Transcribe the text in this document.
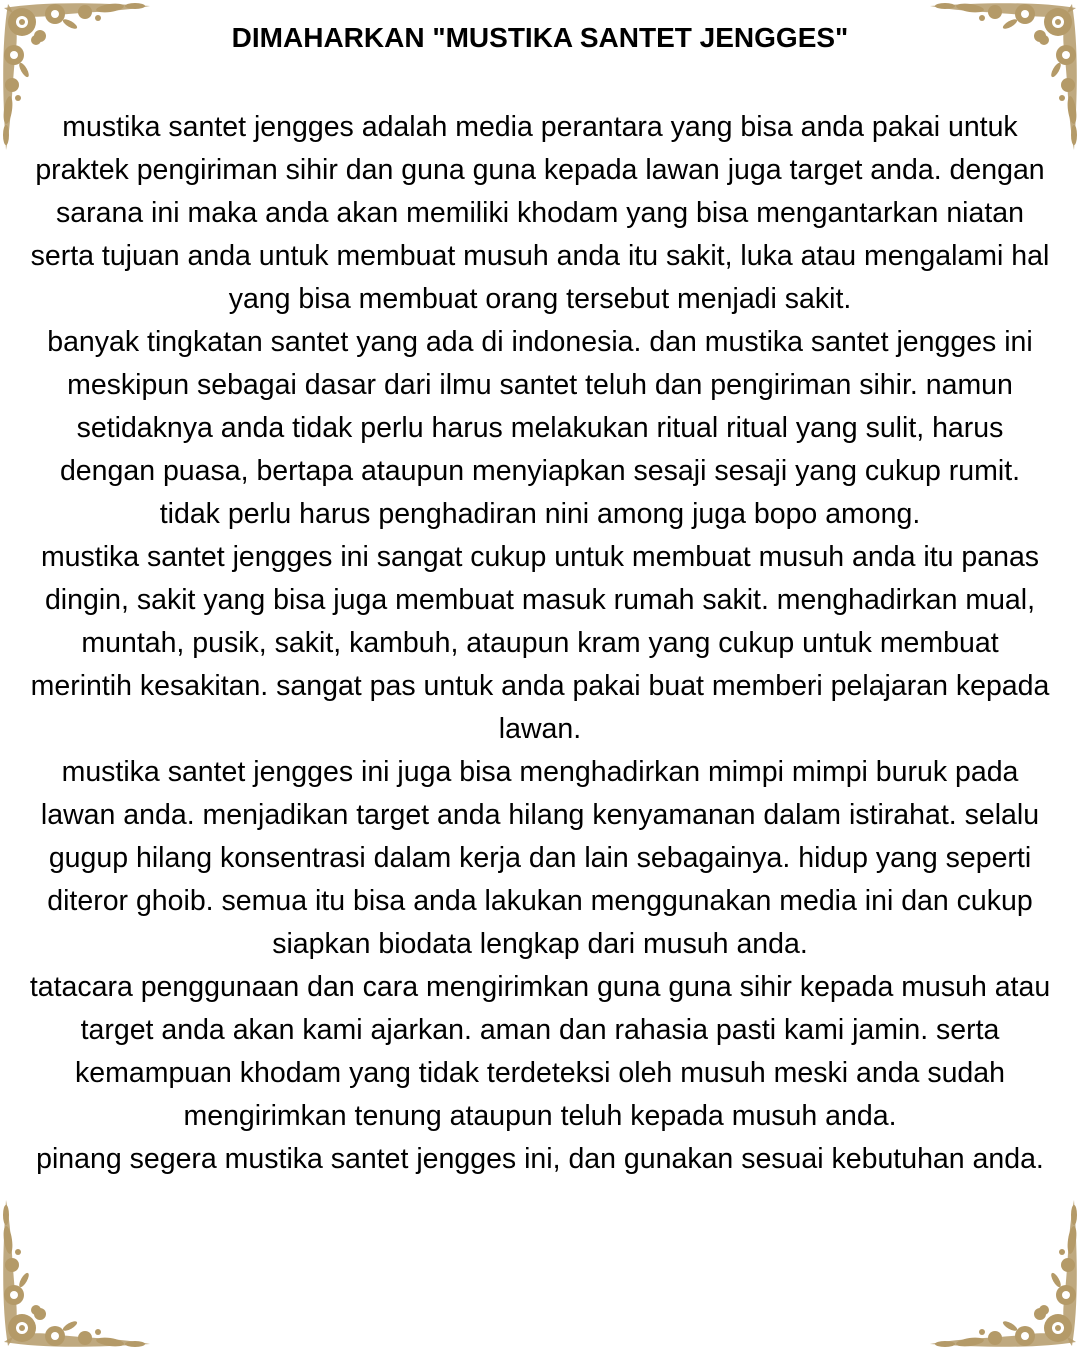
DIMAHARKAN "MUSTIKA SANTET JENGGES"

mustika santet jengges adalah media perantara yang bisa anda pakai untuk praktek pengiriman sihir dan guna guna kepada lawan juga target anda. dengan sarana ini maka anda akan memiliki khodam yang bisa mengantarkan niatan serta tujuan anda untuk membuat musuh anda itu sakit, luka atau mengalami hal yang bisa membuat orang tersebut menjadi sakit.

banyak tingkatan santet yang ada di indonesia. dan mustika santet jengges ini meskipun sebagai dasar dari ilmu santet teluh dan pengiriman sihir. namun setidaknya anda tidak perlu harus melakukan ritual ritual yang sulit, harus dengan puasa, bertapa ataupun menyiapkan sesaji sesaji yang cukup rumit. tidak perlu harus penghadiran nini among juga bopo among.

mustika santet jengges ini sangat cukup untuk membuat musuh anda itu panas dingin, sakit yang bisa juga membuat masuk rumah sakit. menghadirkan mual, muntah, pusik, sakit, kambuh, ataupun kram yang cukup untuk membuat merintih kesakitan. sangat pas untuk anda pakai buat memberi pelajaran kepada lawan.

mustika santet jengges ini juga bisa menghadirkan mimpi mimpi buruk pada lawan anda. menjadikan target anda hilang kenyamanan dalam istirahat. selalu gugup hilang konsentrasi dalam kerja dan lain sebagainya. hidup yang seperti diteror ghoib. semua itu bisa anda lakukan menggunakan media ini dan cukup siapkan biodata lengkap dari musuh anda.

tatacara penggunaan dan cara mengirimkan guna guna sihir kepada musuh atau target anda akan kami ajarkan. aman dan rahasia pasti kami jamin. serta kemampuan khodam yang tidak terdeteksi oleh musuh meski anda sudah mengirimkan tenung ataupun teluh kepada musuh anda.

pinang segera mustika santet jengges ini, dan gunakan sesuai kebutuhan anda.
